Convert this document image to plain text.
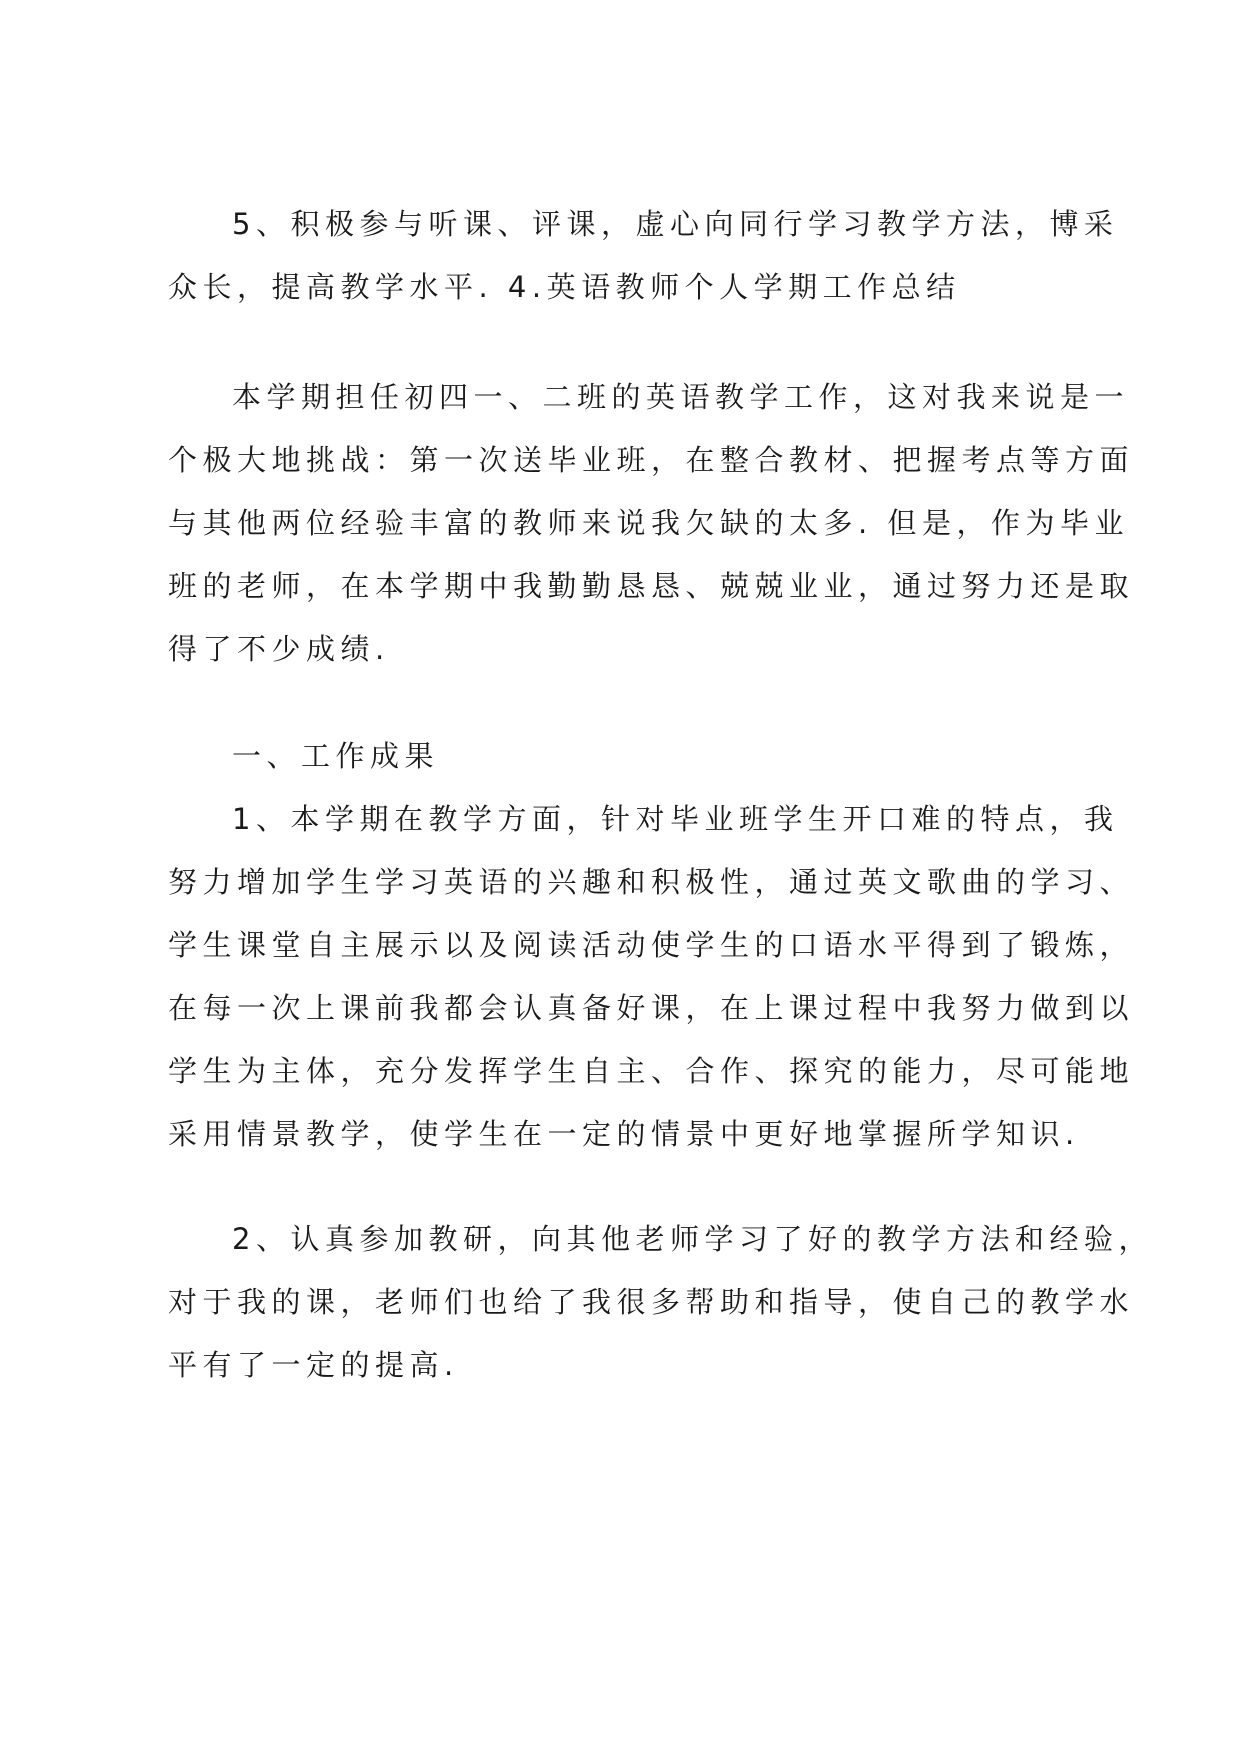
5、积极参与听课、评课，虚心向同行学习教学方法，博采
众长，提高教学水平. 4.英语教师个人学期工作总结
本学期担任初四一、二班的英语教学工作，这对我来说是一
个极大地挑战：第一次送毕业班，在整合教材、把握考点等方面
与其他两位经验丰富的教师来说我欠缺的太多. 但是，作为毕业
班的老师，在本学期中我勤勤恳恳、兢兢业业，通过努力还是取
得了不少成绩.
一、工作成果
1、本学期在教学方面，针对毕业班学生开口难的特点，我
努力增加学生学习英语的兴趣和积极性，通过英文歌曲的学习、
学生课堂自主展示以及阅读活动使学生的口语水平得到了锻炼，
在每一次上课前我都会认真备好课，在上课过程中我努力做到以
学生为主体，充分发挥学生自主、合作、探究的能力，尽可能地
采用情景教学，使学生在一定的情景中更好地掌握所学知识.
2、认真参加教研，向其他老师学习了好的教学方法和经验，
对于我的课，老师们也给了我很多帮助和指导，使自己的教学水
平有了一定的提高.
